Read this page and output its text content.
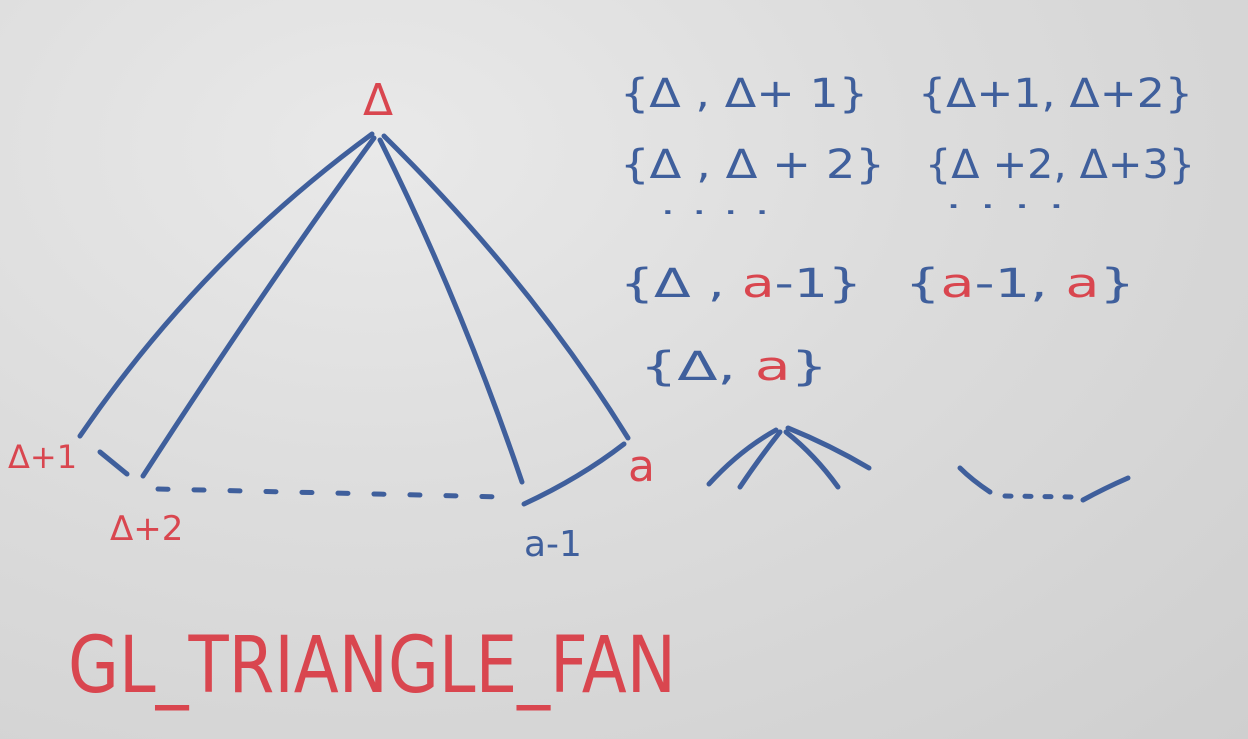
Δ
Δ+1
Δ+2	a-1
a
{Δ , Δ+ 1} {Δ+1, Δ+2}
{Δ , Δ + 2} {Δ +2, Δ+3}
. . . .	. . . .
{Δ , a -1}	{ a -1, a }
{Δ, a }
GL_TRIANGLE_FAN
